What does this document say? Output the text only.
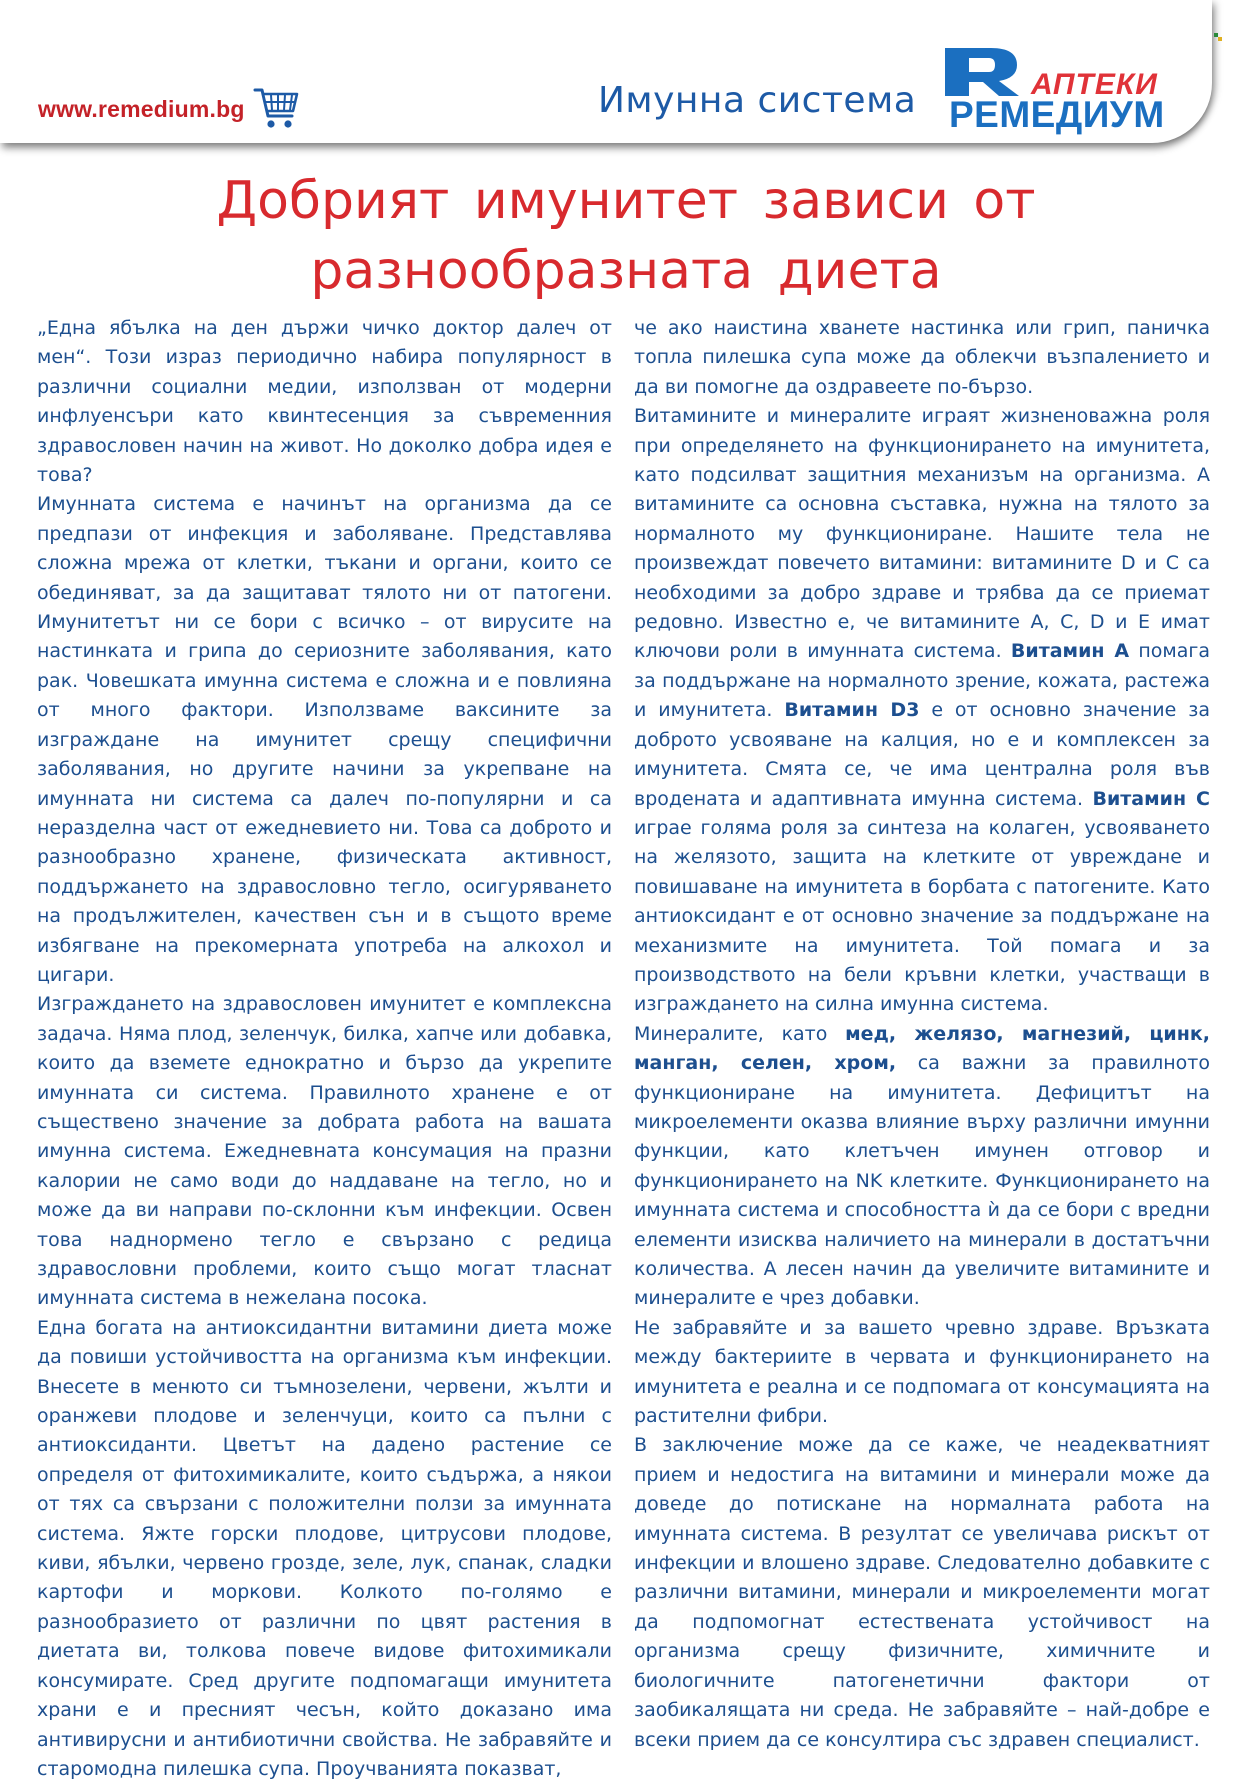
www.remedium.bg	Имунна система	АПТЕКИ
РЕМЕДИУМ
Добрият имунитет зависи от
разнообразната диета

„Една ябълка на ден държи чичко доктор далеч от мен“. Този израз периодично набира популярност в различни социални медии, използван от модерни инфлуенсъри като квинтесенция за съвременния здравословен начин на живот. Но доколко добра идея е това?

Имунната система е начинът на организма да се предпази от инфекция и заболяване. Представлява сложна мрежа от клетки, тъкани и органи, които се обединяват, за да защитават тялото ни от патогени. Имунитетът ни се бори с всичко – от вирусите на настинката и грипа до сериозните заболявания, като рак. Човешката имунна система е сложна и е повлияна от много фактори. Използваме ваксините за изграждане на имунитет срещу специфични заболявания, но другите начини за укрепване на имунната ни система са далеч по-популярни и са неразделна част от ежедневието ни. Това са доброто и разнообразно хранене, физическата активност, поддържането на здравословно тегло, осигуряването на продължителен, качествен сън и в същото време избягване на прекомерната употреба на алкохол и цигари.

Изграждането на здравословен имунитет е комплексна задача. Няма плод, зеленчук, билка, хапче или добавка, които да вземете еднократно и бързо да укрепите имунната си система. Правилното хранене е от съществено значение за добрата работа на вашата имунна система. Ежедневната консумация на празни калории не само води до наддаване на тегло, но и може да ви направи по-склонни към инфекции. Освен това наднормено тегло е свързано с редица здравословни проблеми, които също могат тласнат имунната система в нежелана посока.

Една богата на антиоксидантни витамини диета може да повиши устойчивостта на организма към инфекции. Внесете в менюто си тъмнозелени, червени, жълти и оранжеви плодове и зеленчуци, които са пълни с антиоксиданти. Цветът на дадено растение се определя от фитохимикалите, които съдържа, а някои от тях са свързани с положителни ползи за имунната система. Яжте горски плодове, цитрусови плодове, киви, ябълки, червено грозде, зеле, лук, спанак, сладки картофи и моркови. Колкото по-голямо е разнообразието от различни по цвят растения в диетата ви, толкова повече видове фитохимикали консумирате. Сред другите подпомагащи имунитета храни е и пресният чесън, който доказано има антивирусни и антибиотични свойства. Не забравяйте и старомодна пилешка супа. Проучванията показват,

че ако наистина хванете настинка или грип, паничка топла пилешка супа може да облекчи възпалението и да ви помогне да оздравеете по-бързо.

Витамините и минералите играят жизненоважна роля при определянето на функционирането на имунитета, като подсилват защитния механизъм на организма. А витамините са основна съставка, нужна на тялото за нормалното му функциониране. Нашите тела не произвеждат повечето витамини: витамините D и C са необходими за добро здраве и трябва да се приемат редовно. Известно е, че витамините A, C, D и E имат ключови роли в имунната система. Витамин A помага за поддържане на нормалното зрение, кожата, растежа и имунитета. Витамин D3 е от основно значение за доброто усвояване на калция, но е и комплексен за имунитета. Смята се, че има централна роля във вродената и адаптивната имунна система. Витамин C играе голяма роля за синтеза на колаген, усвояването на желязото, защита на клетките от увреждане и повишаване на имунитета в борбата с патогените. Като антиоксидант е от основно значение за поддържане на механизмите на имунитета. Той помага и за производството на бели кръвни клетки, участващи в изграждането на силна имунна система.

Минералите, като мед, желязо, магнезий, цинк, манган, селен, хром, са важни за правилното функциониране на имунитета. Дефицитът на микроелементи оказва влияние върху различни имунни функции, като клетъчен имунен отговор и функционирането на NK клетките. Функционирането на имунната система и способността ѝ да се бори с вредни елементи изисква наличието на минерали в достатъчни количества. А лесен начин да увеличите витамините и минералите е чрез добавки.

Не забравяйте и за вашето чревно здраве. Връзката между бактериите в червата и функционирането на имунитета е реална и се подпомага от консумацията на растителни фибри.

В заключение може да се каже, че неадекватният прием и недостига на витамини и минерали може да доведе до потискане на нормалната работа на имунната система. В резултат се увеличава рискът от инфекции и влошено здраве. Следователно добавките с различни витамини, минерали и микроелементи могат да подпомогнат естествената устойчивост на организма срещу физичните, химичните и биологичните патогенетични фактори от заобикалящата ни среда. Не забравяйте – най-добре е всеки прием да се консултира със здравен специалист.
